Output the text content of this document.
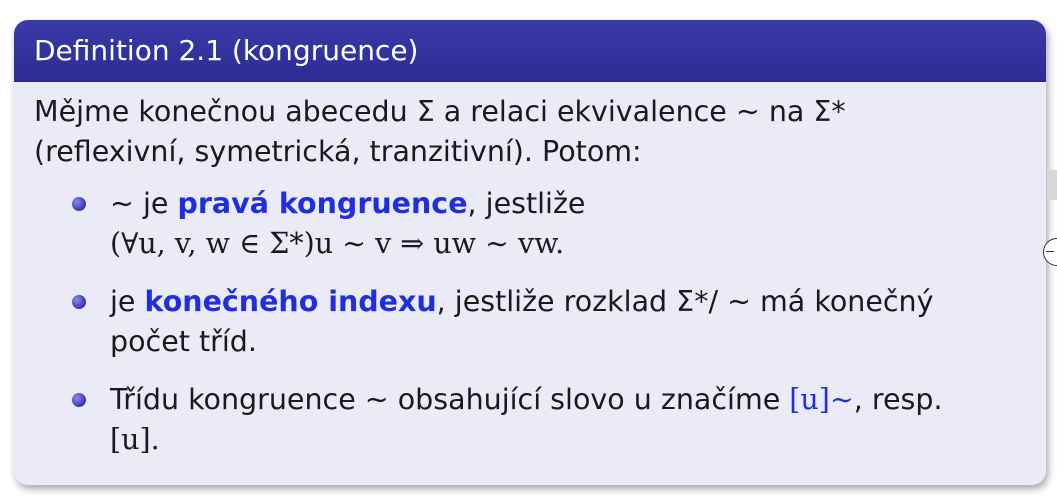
Definition 2.1 (kongruence)
Mějme konečnou abecedu Σ a relaci ekvivalence ∼ na Σ*
(reflexivní, symetrická, tranzitivní). Potom:
∼ je pravá kongruence, jestliže
(∀u, v, w ∈ Σ*)u ∼ v ⇒ uw ∼ vw.
je konečného indexu, jestliže rozklad Σ*/ ∼ má konečný
počet tříd.
Třídu kongruence ∼ obsahující slovo u značíme [u]∼, resp.
[u].
